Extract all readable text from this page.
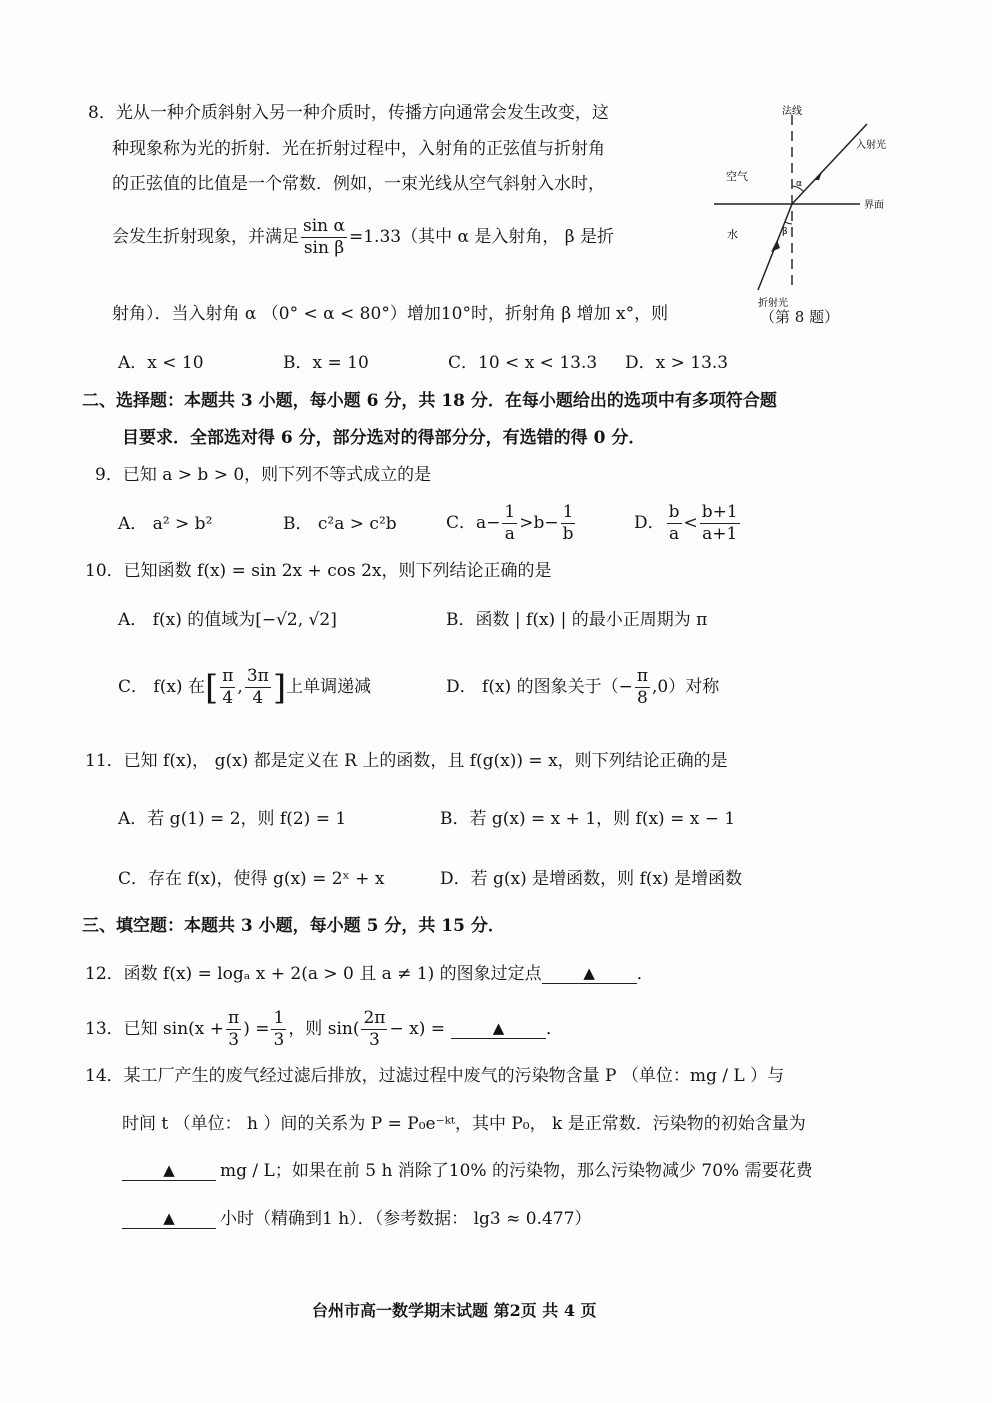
8．光从一种介质斜射入另一种介质时，传播方向通常会发生改变，这
种现象称为光的折射．光在折射过程中，入射角的正弦值与折射角
的正弦值的比值是一个常数．例如，一束光线从空气斜射入水时，
会发生折射现象，并满足 $\frac{\text{sin α}}{\text{sin β}} =1.33$（其中 α 是入射角， β 是折
射角）．当入射角 α （0° < α < 80°）增加10°时，折射角 β 增加 x°，则
A．x < 10	B．x = 10	C．10 < x < 13.3 D．x > 13.3
法线
入射光
空气
界面
水
折射光
α
β
（第 8 题）
二、选择题：本题共 3 小题，每小题 6 分，共 18 分．在每小题给出的选项中有多项符合题
目要求．全部选对得 6 分，部分选对的得部分分，有选错的得 0 分．
9．已知 a > b > 0，则下列不等式成立的是
A． a² > b²	B． c²a > c²b	C．$a- \frac{1}{a} >b- \frac{1}{b}$	D． $\frac{b}{a} < \frac{b+1}{a+1}$
10．已知函数 f(x) = sin 2x + cos 2x，则下列结论正确的是
A． f(x) 的值域为[−√2, √2]	B．函数 | f(x) | 的最小正周期为 π
C． f(x) 在 [ $\frac{\pi}{4}$ , $\frac{3\pi}{4}$ ] 上单调递减	D． f(x) 的图象关于（− $\frac{\pi}{8} ,0$）对称
11．已知 f(x)， g(x) 都是定义在 R 上的函数，且 f(g(x)) = x，则下列结论正确的是
A．若 g(1) = 2，则 f(2) = 1	B．若 g(x) = x + 1，则 f(x) = x − 1
C．存在 f(x)，使得 g(x) = 2ˣ + x	D．若 g(x) 是增函数，则 f(x) 是增函数
三、填空题：本题共 3 小题，每小题 5 分，共 15 分．
12．函数 f(x) = logₐ x + 2(a > 0 且 a ≠ 1) 的图象过定点	▲	．
13．已知 $\sin(x + \frac{\pi}{3}$ ) = $\frac{1}{3}$ ，则 $\sin( \frac{2\pi}{3} - x)$ =	▲	．
14．某工厂产生的废气经过滤后排放，过滤过程中废气的污染物含量 P （单位：mg / L ）与
时间 t （单位： h ）间的关系为 P = P₀e⁻ᵏᵗ，其中 P₀， k 是正常数．污染物的初始含量为
▲	mg / L；如果在前 5 h 消除了10% 的污染物，那么污染物减少 70% 需要花费
▲	小时（精确到1 h）．（参考数据： lg3 ≈ 0.477）
台州市高一数学期末试题 第2页 共 4 页
